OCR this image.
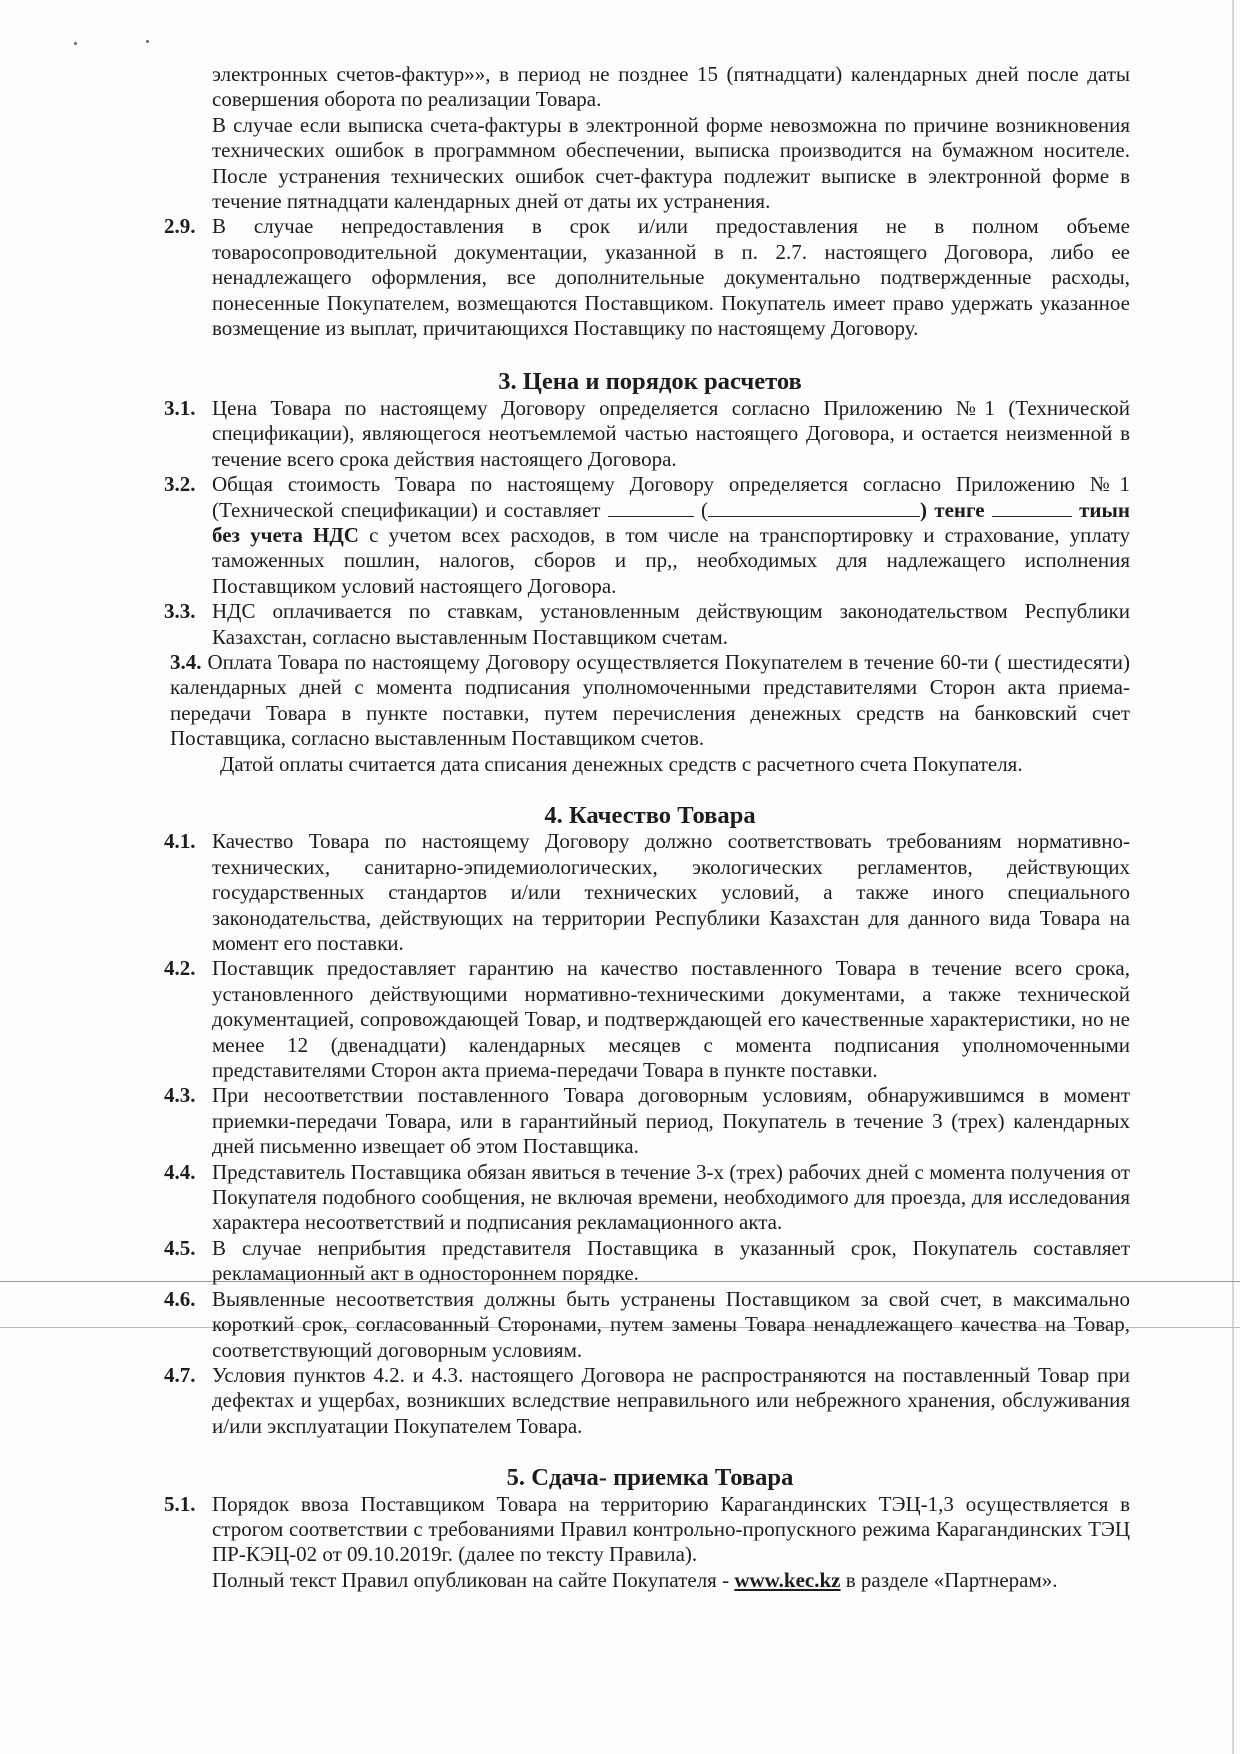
электронных счетов-фактур»», в период не позднее 15 (пятнадцати) календарных дней после даты совершения оборота по реализации Товара.

В случае если выписка счета-фактуры в электронной форме невозможна по причине возникновения технических ошибок в программном обеспечении, выписка производится на бумажном носителе. После устранения технических ошибок счет-фактура подлежит выписке в электронной форме в течение пятнадцати календарных дней от даты их устранения.

2.9. В случае непредоставления в срок и/или предоставления не в полном объеме товаросопроводительной документации, указанной в п. 2.7. настоящего Договора, либо ее ненадлежащего оформления, все дополнительные документально подтвержденные расходы, понесенные Покупателем, возмещаются Поставщиком. Покупатель имеет право удержать указанное возмещение из выплат, причитающихся Поставщику по настоящему Договору.
3. Цена и порядок расчетов
3.1. Цена Товара по настоящему Договору определяется согласно Приложению №1 (Технической спецификации), являющегося неотъемлемой частью настоящего Договора, и остается неизменной в течение всего срока действия настоящего Договора.
3.2. Общая стоимость Товара по настоящему Договору определяется согласно Приложению №1 (Технической спецификации) и составляет	(	) тенге	тиын без учета НДС с учетом всех расходов, в том числе на транспортировку и страхование, уплату таможенных пошлин, налогов, сборов и пр,, необходимых для надлежащего исполнения Поставщиком условий настоящего Договора.
3.3. НДС оплачивается по ставкам, установленным действующим законодательством Республики Казахстан, согласно выставленным Поставщиком счетам.

3.4. Оплата Товара по настоящему Договору осуществляется Покупателем в течение 60-ти ( шестидесяти) календарных дней с момента подписания уполномоченными представителями Сторон акта приема- передачи Товара в пункте поставки, путем перечисления денежных средств на банковский счет Поставщика, согласно выставленным Поставщиком счетов.

Датой оплаты считается дата списания денежных средств с расчетного счета Покупателя.

4. Качество Товара
4.1. Качество Товара по настоящему Договору должно соответствовать требованиям нормативно-технических, санитарно-эпидемиологических, экологических регламентов, действующих государственных стандартов и/или технических условий, а также иного специального законодательства, действующих на территории Республики Казахстан для данного вида Товара на момент его поставки.
4.2. Поставщик предоставляет гарантию на качество поставленного Товара в течение всего срока, установленного действующими нормативно-техническими документами, а также технической документацией, сопровождающей Товар, и подтверждающей его качественные характеристики, но не менее 12 (двенадцати) календарных месяцев с момента подписания уполномоченными представителями Сторон акта приема-передачи Товара в пункте поставки.
4.3. При несоответствии поставленного Товара договорным условиям, обнаружившимся в момент приемки-передачи Товара, или в гарантийный период, Покупатель в течение 3 (трех) календарных дней письменно извещает об этом Поставщика.
4.4. Представитель Поставщика обязан явиться в течение 3-х (трех) рабочих дней с момента получения от Покупателя подобного сообщения, не включая времени, необходимого для проезда, для исследования характера несоответствий и подписания рекламационного акта.
4.5. В случае неприбытия представителя Поставщика в указанный срок, Покупатель составляет рекламационный акт в одностороннем порядке.
4.6. Выявленные несоответствия должны быть устранены Поставщиком за свой счет, в максимально короткий срок, согласованный Сторонами, путем замены Товара ненадлежащего качества на Товар, соответствующий договорным условиям.
4.7. Условия пунктов 4.2. и 4.3. настоящего Договора не распространяются на поставленный Товар при дефектах и ущербах, возникших вследствие неправильного или небрежного хранения, обслуживания и/или эксплуатации Покупателем Товара.
5. Сдача- приемка Товара
5.1. Порядок ввоза Поставщиком Товара на территорию Карагандинских ТЭЦ-1,3 осуществляется в строгом соответствии с требованиями Правил контрольно-пропускного режима Карагандинских ТЭЦ ПР-КЭЦ-02 от 09.10.2019г. (далее по тексту Правила).

Полный текст Правил опубликован на сайте Покупателя - www.kec.kz в разделе «Партнерам».
